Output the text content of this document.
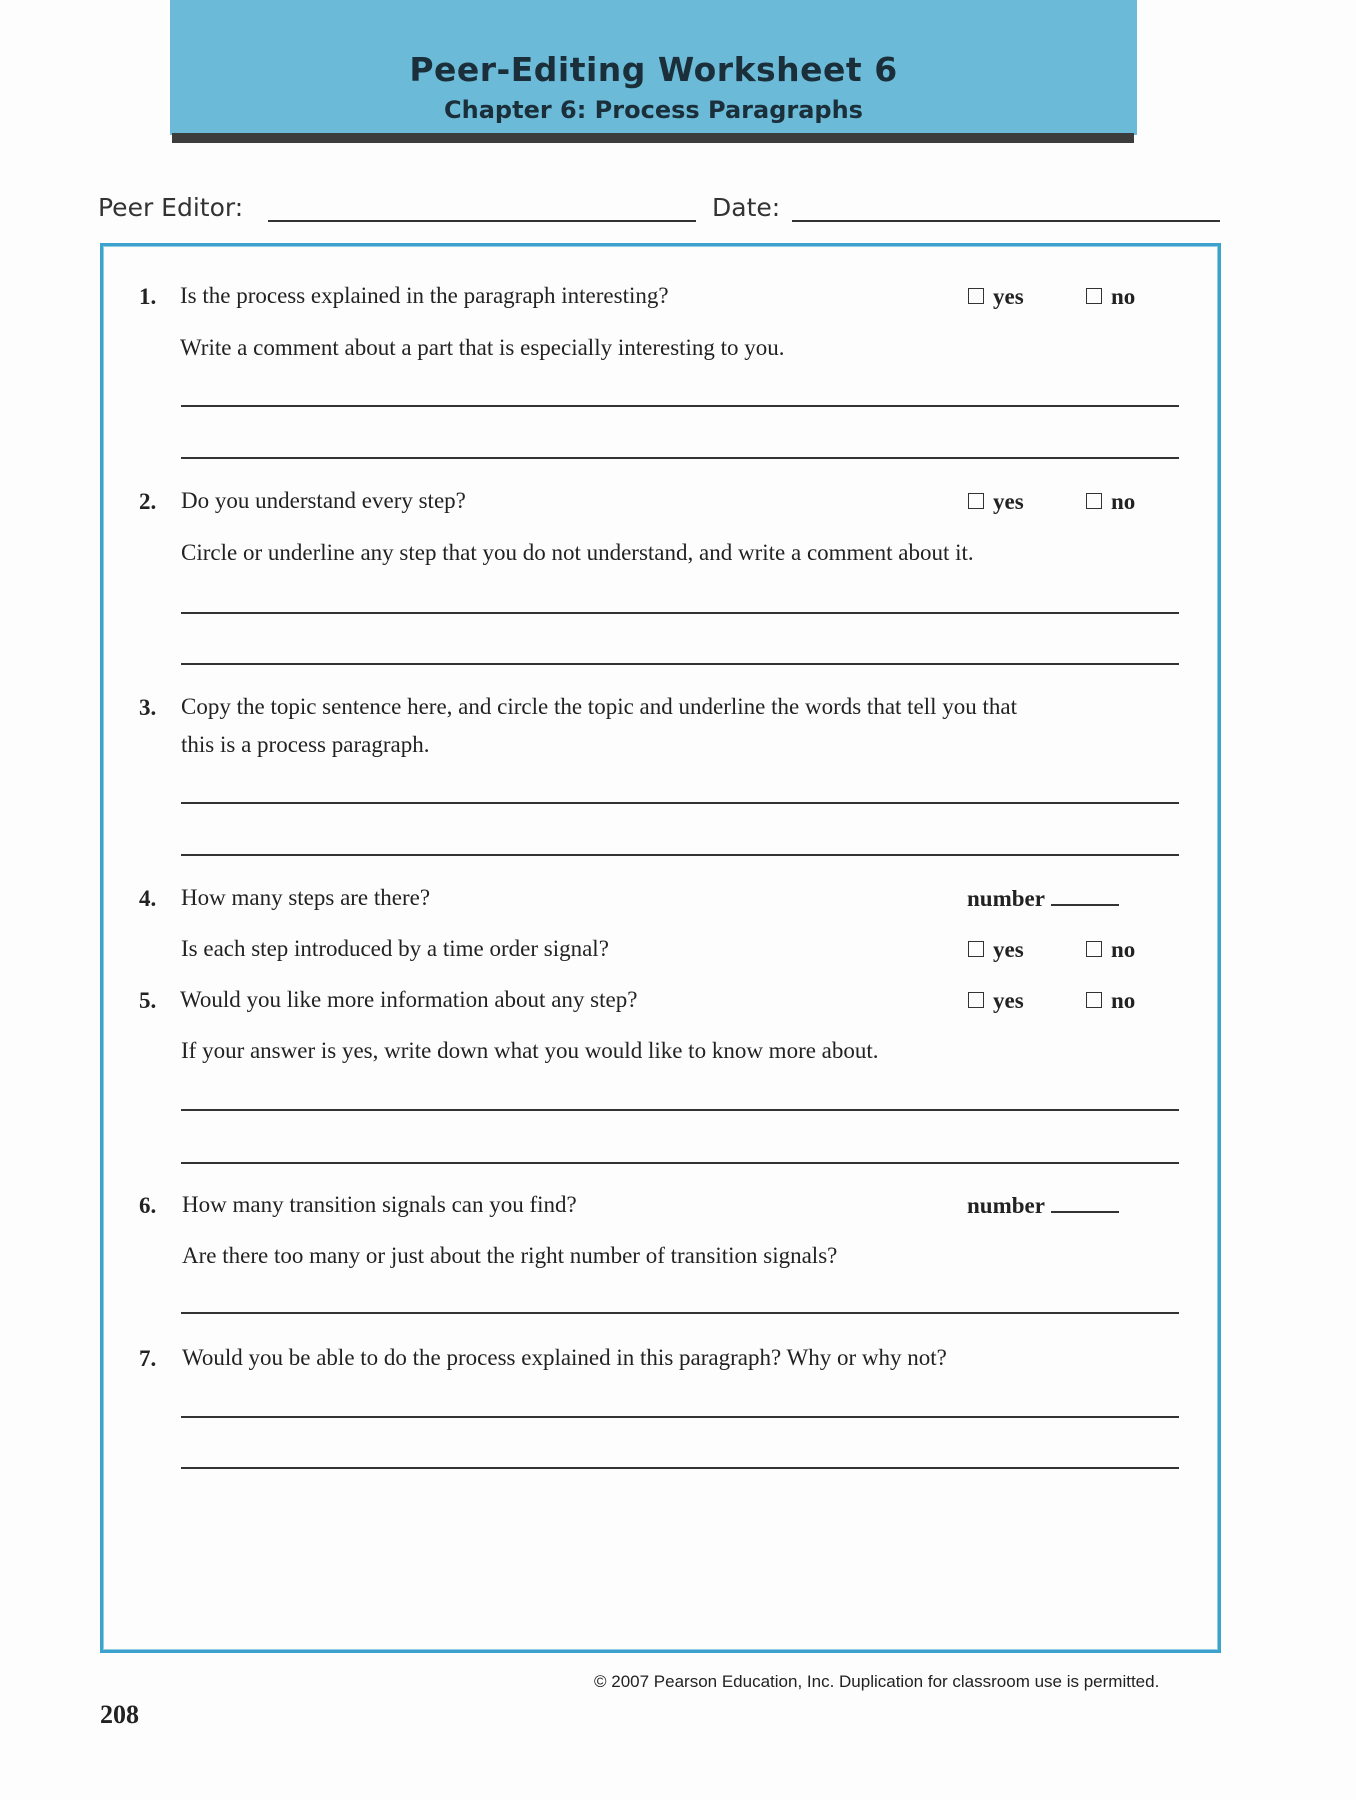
Peer-Editing Worksheet 6
Chapter 6: Process Paragraphs
Peer Editor:	Date:
1. Is the process explained in the paragraph interesting?	yes	no
Write a comment about a part that is especially interesting to you.
2. Do you understand every step?	yes	no
Circle or underline any step that you do not understand, and write a comment about it.
3. Copy the topic sentence here, and circle the topic and underline the words that tell you that
this is a process paragraph.
4. How many steps are there?	number
Is each step introduced by a time order signal?	yes	no
5. Would you like more information about any step?	yes	no
If your answer is yes, write down what you would like to know more about.
6. How many transition signals can you find?	number
Are there too many or just about the right number of transition signals?
7. Would you be able to do the process explained in this paragraph? Why or why not?
© 2007 Pearson Education, Inc. Duplication for classroom use is permitted.
208
